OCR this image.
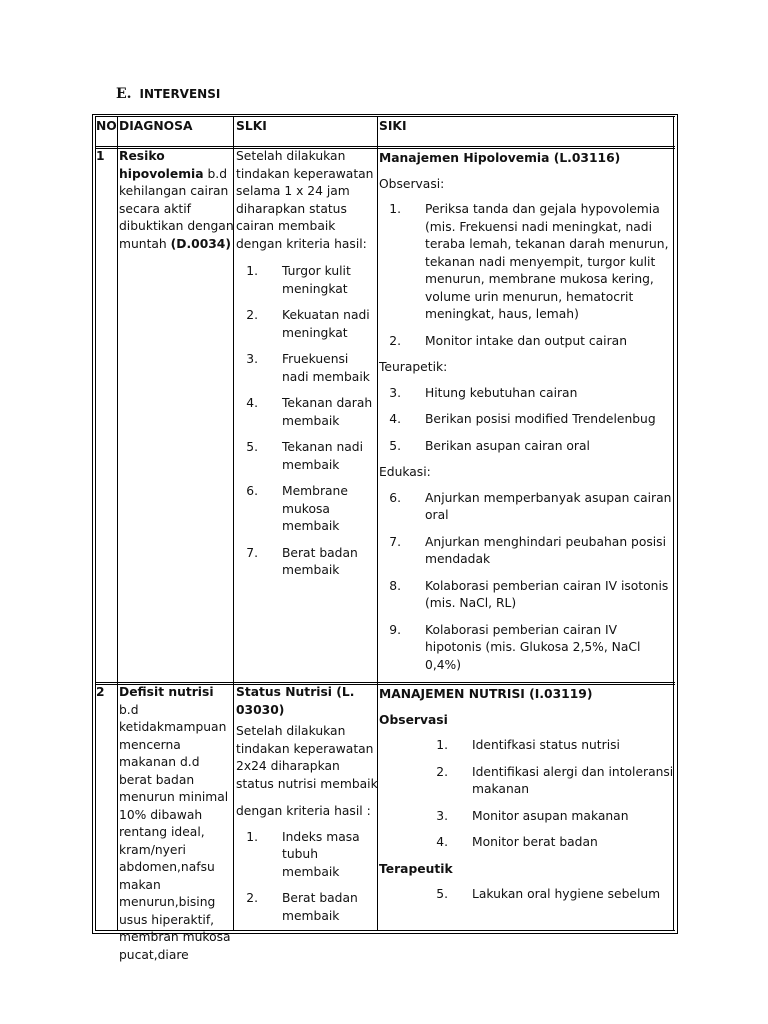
E. INTERVENSI
NO DIAGNOSA	SLKI	SIKI
1 Resiko hipovolemia b.d kehilangan cairan secara aktif dibuktikan dengan muntah (D.0034)

Setelah dilakukan tindakan keperawatan selama 1 x 24 jam diharapkan status cairan membaik dengan kriteria hasil:

1. Turgor kulit meningkat
2. Kekuatan nadi meningkat
3. Fruekuensi nadi membaik
4. Tekanan darah membaik
5. Tekanan nadi membaik
6. Membrane mukosa membaik
7. Berat badan membaik

Manajemen Hipolovemia (L.03116)

Observasi:

1. Periksa tanda dan gejala hypovolemia (mis. Frekuensi nadi meningkat, nadi teraba lemah, tekanan darah menurun, tekanan nadi menyempit, turgor kulit menurun, membrane mukosa kering, volume urin menurun, hematocrit meningkat, haus, lemah)
2. Monitor intake dan output cairan

Teurapetik:

3. Hitung kebutuhan cairan
4. Berikan posisi modified Trendelenbug
5. Berikan asupan cairan oral

Edukasi:

6. Anjurkan memperbanyak asupan cairan oral
7. Anjurkan menghindari peubahan posisi mendadak
8. Kolaborasi pemberian cairan IV isotonis (mis. NaCl, RL)
9. Kolaborasi pemberian cairan IV hipotonis (mis. Glukosa 2,5%, NaCl 0,4%)
2 Defisit nutrisi b.d ketidakmampuan mencerna makanan d.d berat badan menurun minimal 10% dibawah rentang ideal, kram/nyeri abdomen,nafsu makan menurun,bising usus hiperaktif, membran mukosa pucat,diare

Status Nutrisi (L. 03030)

Setelah dilakukan tindakan keperawatan 2x24 diharapkan status nutrisi membaik

dengan kriteria hasil :

1. Indeks masa tubuh membaik
2. Berat badan membaik

MANAJEMEN NUTRISI (I.03119)

Observasi

1. Identifkasi status nutrisi
2. Identifikasi alergi dan intoleransi makanan
3. Monitor asupan makanan
4. Monitor berat badan

Terapeutik

5. Lakukan oral hygiene sebelum
